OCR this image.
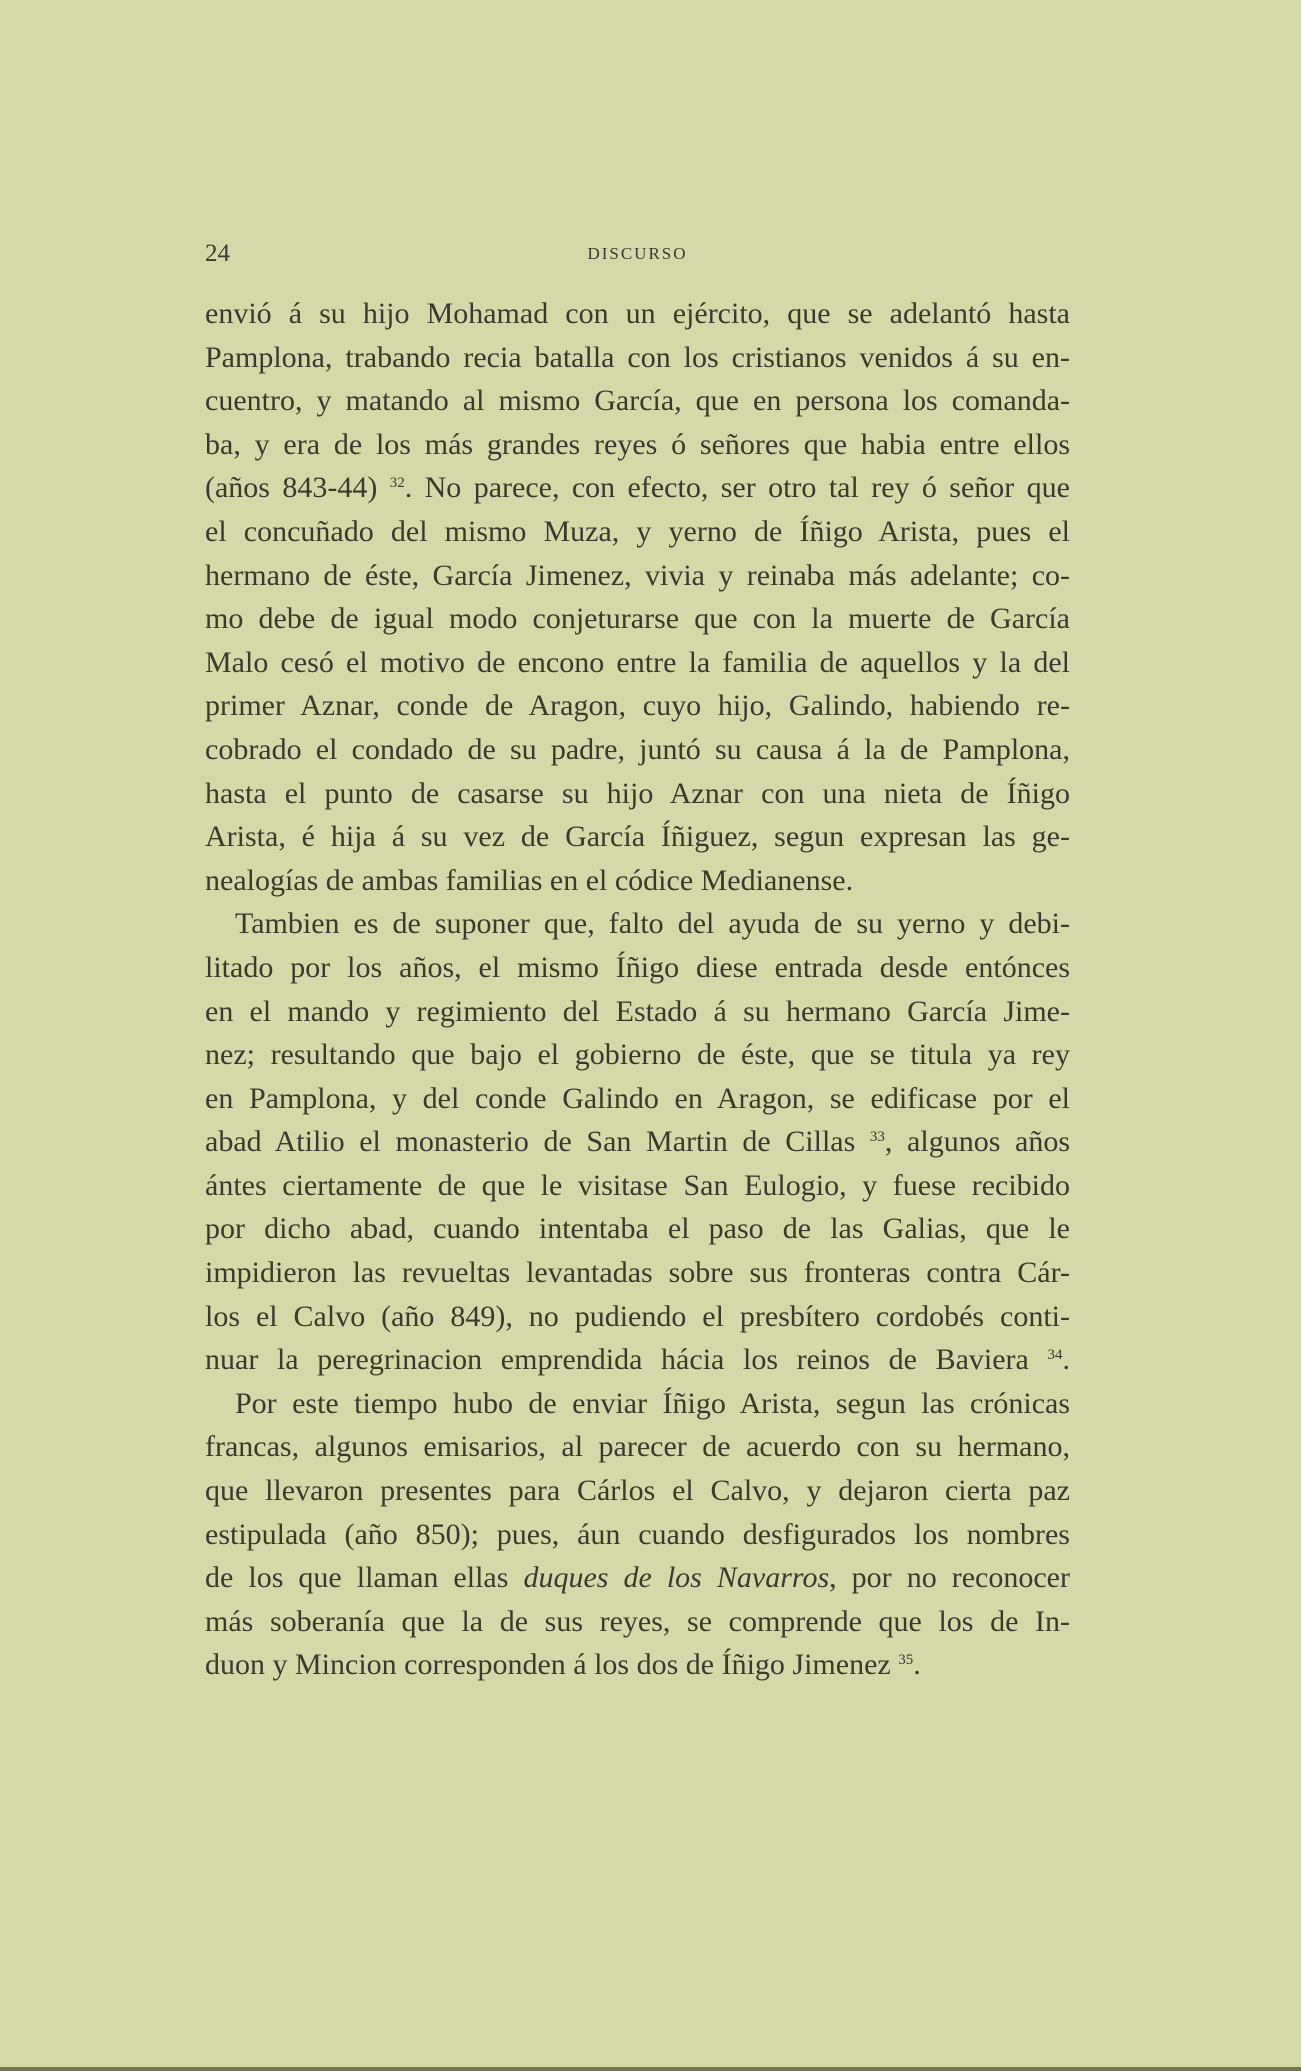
24	DISCURSO
envió á su hijo Mohamad con un ejército, que se adelantó hasta
Pamplona, trabando recia batalla con los cristianos venidos á su en-
cuentro, y matando al mismo García, que en persona los comanda-
ba, y era de los más grandes reyes ó señores que habia entre ellos
(años 843-44) $^{32}$. No parece, con efecto, ser otro tal rey ó señor que
el concuñado del mismo Muza, y yerno de Íñigo Arista, pues el
hermano de éste, García Jimenez, vivia y reinaba más adelante; co-
mo debe de igual modo conjeturarse que con la muerte de García
Malo cesó el motivo de encono entre la familia de aquellos y la del
primer Aznar, conde de Aragon, cuyo hijo, Galindo, habiendo re-
cobrado el condado de su padre, juntó su causa á la de Pamplona,
hasta el punto de casarse su hijo Aznar con una nieta de Íñigo
Arista, é hija á su vez de García Íñiguez, segun expresan las ge-
nealogías de ambas familias en el códice Medianense.
Tambien es de suponer que, falto del ayuda de su yerno y debi-
litado por los años, el mismo Íñigo diese entrada desde entónces
en el mando y regimiento del Estado á su hermano García Jime-
nez; resultando que bajo el gobierno de éste, que se titula ya rey
en Pamplona, y del conde Galindo en Aragon, se edificase por el
abad Atilio el monasterio de San Martin de Cillas $^{33}$, algunos años
ántes ciertamente de que le visitase San Eulogio, y fuese recibido
por dicho abad, cuando intentaba el paso de las Galias, que le
impidieron las revueltas levantadas sobre sus fronteras contra Cár-
los el Calvo (año 849), no pudiendo el presbítero cordobés conti-
nuar la peregrinacion emprendida hácia los reinos de Baviera $^{34}$.
Por este tiempo hubo de enviar Íñigo Arista, segun las crónicas
francas, algunos emisarios, al parecer de acuerdo con su hermano,
que llevaron presentes para Cárlos el Calvo, y dejaron cierta paz
estipulada (año 850); pues, áun cuando desfigurados los nombres
de los que llaman ellas duques de los Navarros, por no reconocer
más soberanía que la de sus reyes, se comprende que los de In-
duon y Mincion corresponden á los dos de Íñigo Jimenez $^{35}$.
